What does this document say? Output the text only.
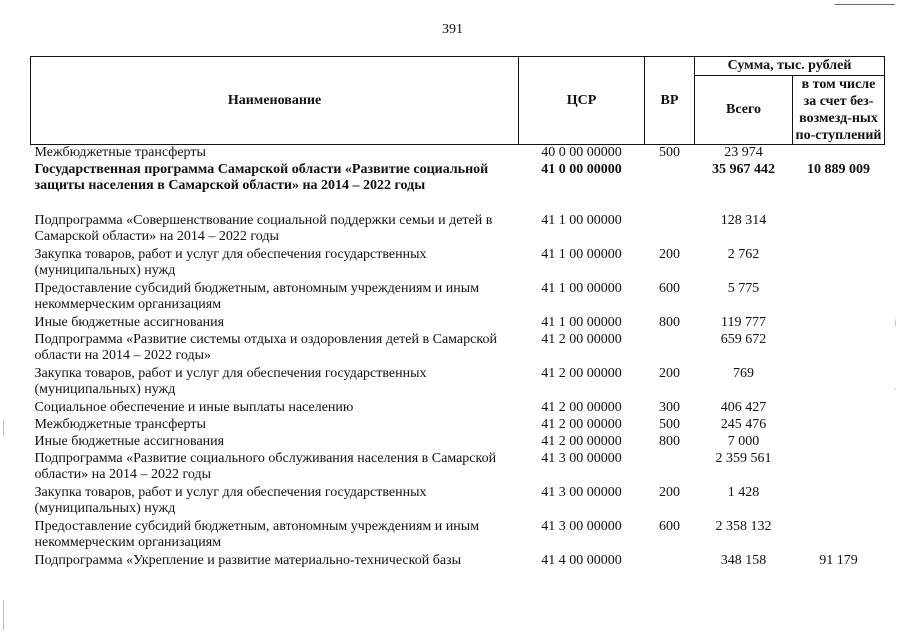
⁞
·
391
Наименование	ЦСР	ВР	Сумма, тыс. рублей	
			Всего	в том числе за счет без-возмезд-ных по-ступлений
Межбюджетные трансферты	40 0 00 00000	500	23 974	
Государственная программа Самарской области «Развитие социальной защиты населения в Самарской области» на 2014 – 2022 годы	41 0 00 00000		35 967 442	10 889 009
Подпрограмма «Совершенствование социальной поддержки семьи и детей в Самарской области» на 2014 – 2022 годы	41 1 00 00000		128 314	
Закупка товаров, работ и услуг для обеспечения государственных (муниципальных) нужд	41 1 00 00000	200	2 762	
Предоставление субсидий бюджетным, автономным учреждениям и иным некоммерческим организациям	41 1 00 00000	600	5 775	
Иные бюджетные ассигнования	41 1 00 00000	800	119 777	
Подпрограмма «Развитие системы отдыха и оздоровления детей в Самарской области на 2014 – 2022 годы»	41 2 00 00000		659 672	
Закупка товаров, работ и услуг для обеспечения государственных (муниципальных) нужд	41 2 00 00000	200	769	
Социальное обеспечение и иные выплаты населению	41 2 00 00000	300	406 427	
Межбюджетные трансферты	41 2 00 00000	500	245 476	
Иные бюджетные ассигнования	41 2 00 00000	800	7 000	
Подпрограмма «Развитие социального обслуживания населения в Самарской области» на 2014 – 2022 годы	41 3 00 00000		2 359 561	
Закупка товаров, работ и услуг для обеспечения государственных (муниципальных) нужд	41 3 00 00000	200	1 428	
Предоставление субсидий бюджетным, автономным учреждениям и иным некоммерческим организациям	41 3 00 00000	600	2 358 132	
Подпрограмма «Укрепление и развитие материально-технической базы	41 4 00 00000		348 158	91 179
